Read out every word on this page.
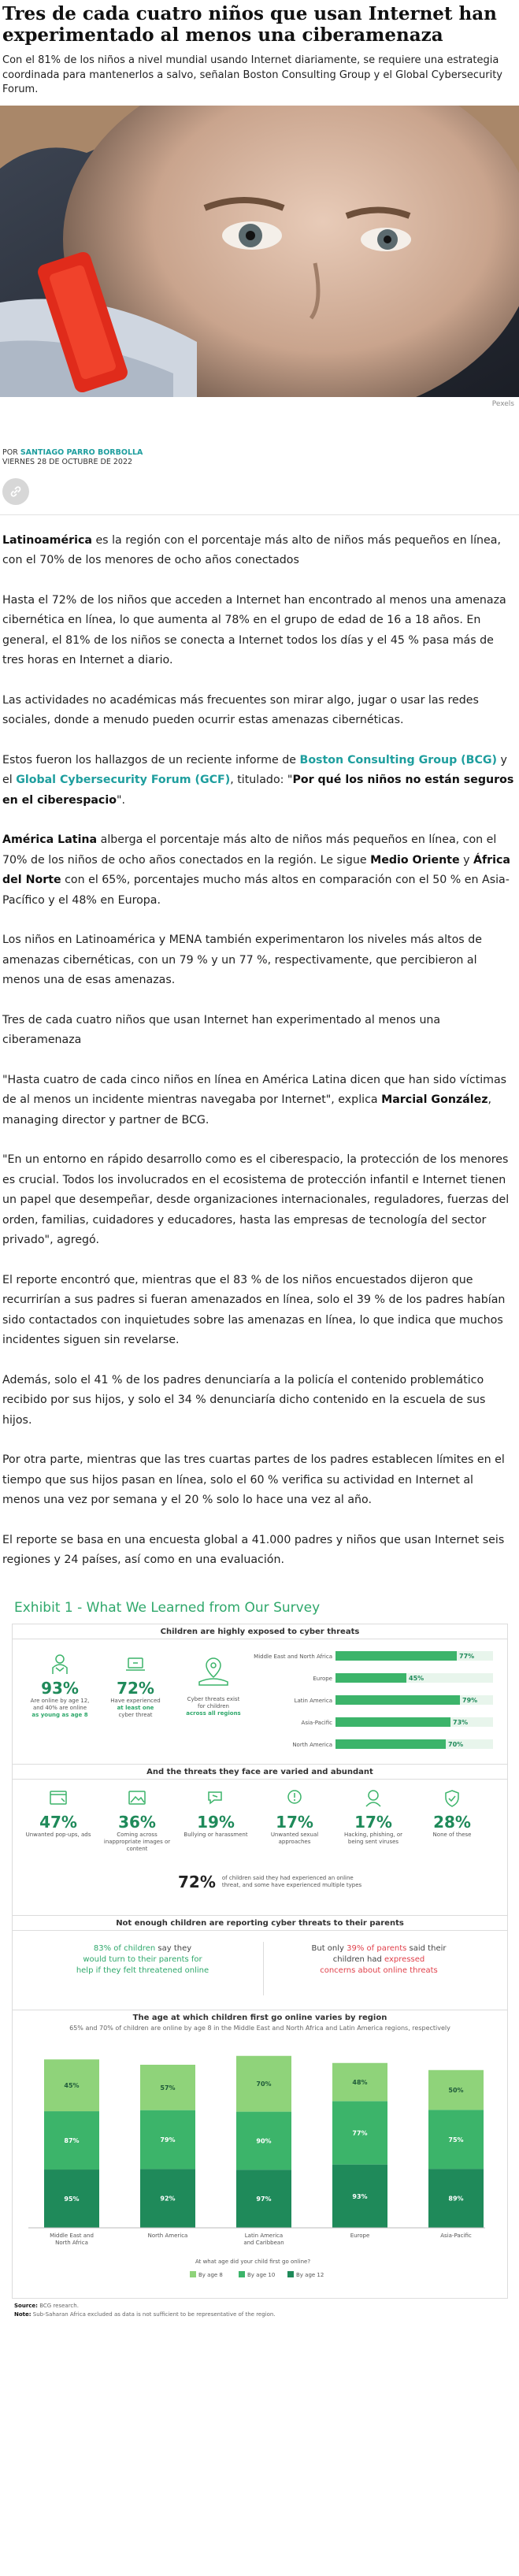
Tres de cada cuatro niños que usan Internet han experimentado al menos una ciberamenaza

Con el 81% de los niños a nivel mundial usando Internet diariamente, se requiere una estrategia coordinada para mantenerlos a salvo, señalan Boston Consulting Group y el Global Cybersecurity Forum.

Pexels
POR SANTIAGO PARRO BORBOLLA
VIERNES 28 DE OCTUBRE DE 2022

Latinoamérica es la región con el porcentaje más alto de niños más pequeños en línea, con el 70% de los menores de ocho años conectados

Hasta el 72% de los niños que acceden a Internet han encontrado al menos una amenaza cibernética en línea, lo que aumenta al 78% en el grupo de edad de 16 a 18 años. En general, el 81% de los niños se conecta a Internet todos los días y el 45 % pasa más de tres horas en Internet a diario.

Las actividades no académicas más frecuentes son mirar algo, jugar o usar las redes sociales, donde a menudo pueden ocurrir estas amenazas cibernéticas.

Estos fueron los hallazgos de un reciente informe de Boston Consulting Group (BCG) y el Global Cybersecurity Forum (GCF), titulado: "Por qué los niños no están seguros en el ciberespacio".

América Latina alberga el porcentaje más alto de niños más pequeños en línea, con el 70% de los niños de ocho años conectados en la región. Le sigue Medio Oriente y África del Norte con el 65%, porcentajes mucho más altos en comparación con el 50 % en Asia-Pacífico y el 48% en Europa.

Los niños en Latinoamérica y MENA también experimentaron los niveles más altos de amenazas cibernéticas, con un 79 % y un 77 %, respectivamente, que percibieron al menos una de esas amenazas.

Tres de cada cuatro niños que usan Internet han experimentado al menos una ciberamenaza

"Hasta cuatro de cada cinco niños en línea en América Latina dicen que han sido víctimas de al menos un incidente mientras navegaba por Internet", explica Marcial González, managing director y partner de BCG.

"En un entorno en rápido desarrollo como es el ciberespacio, la protección de los menores es crucial. Todos los involucrados en el ecosistema de protección infantil e Internet tienen un papel que desempeñar, desde organizaciones internacionales, reguladores, fuerzas del orden, familias, cuidadores y educadores, hasta las empresas de tecnología del sector privado", agregó.

El reporte encontró que, mientras que el 83 % de los niños encuestados dijeron que recurrirían a sus padres si fueran amenazados en línea, solo el 39 % de los padres habían sido contactados con inquietudes sobre las amenazas en línea, lo que indica que muchos incidentes siguen sin revelarse.

Además, solo el 41 % de los padres denunciaría a la policía el contenido problemático recibido por sus hijos, y solo el 34 % denunciaría dicho contenido en la escuela de sus hijos.

Por otra parte, mientras que las tres cuartas partes de los padres establecen límites en el tiempo que sus hijos pasan en línea, solo el 60 % verifica su actividad en Internet al menos una vez por semana y el 20 % solo lo hace una vez al año.

El reporte se basa en una encuesta global a 41.000 padres y niños que usan Internet seis regiones y 24 países, así como en una evaluación.

Exhibit 1 - What We Learned from Our Survey
Children are highly exposed to cyber threats
93%
Are online by age 12,
and 40% are online
as young as age 8
72%
Have experienced
at least one
cyber threat
Cyber threats exist
for children
across all regions
Middle East and North Africa	77%
Europe	45%
Latin America	79%
Asia-Pacific	73%
North America	70%
And the threats they face are varied and abundant
47%
Unwanted pop-ups, ads
36%
Coming across inappropriate images or content
19%
Bullying or harassment
17%
Unwanted sexual approaches
17%
Hacking, phishing, or being sent viruses
28%
None of these
72% of children said they had experienced an online
threat, and some have experienced multiple types
Not enough children are reporting cyber threats to their parents
83% of children say they
would turn to their parents for
help if they felt threatened online
But only 39% of parents said their
children had expressed
concerns about online threats
The age at which children first go online varies by region
65% and 70% of children are online by age 8 in the Middle East and North Africa and Latin America regions, respectively
45%
87%
95%
Middle East and
North Africa
57%
79%
92%
North America
70%
90%
97%
Latin America
and Caribbean
48%
77%
93%
Europe
50%
75%
89%
Asia-Pacific
At what age did your child first go online?
By age 8	By age 10	By age 12
Source: BCG research.
Note: Sub-Saharan Africa excluded as data is not sufficient to be representative of the region.
